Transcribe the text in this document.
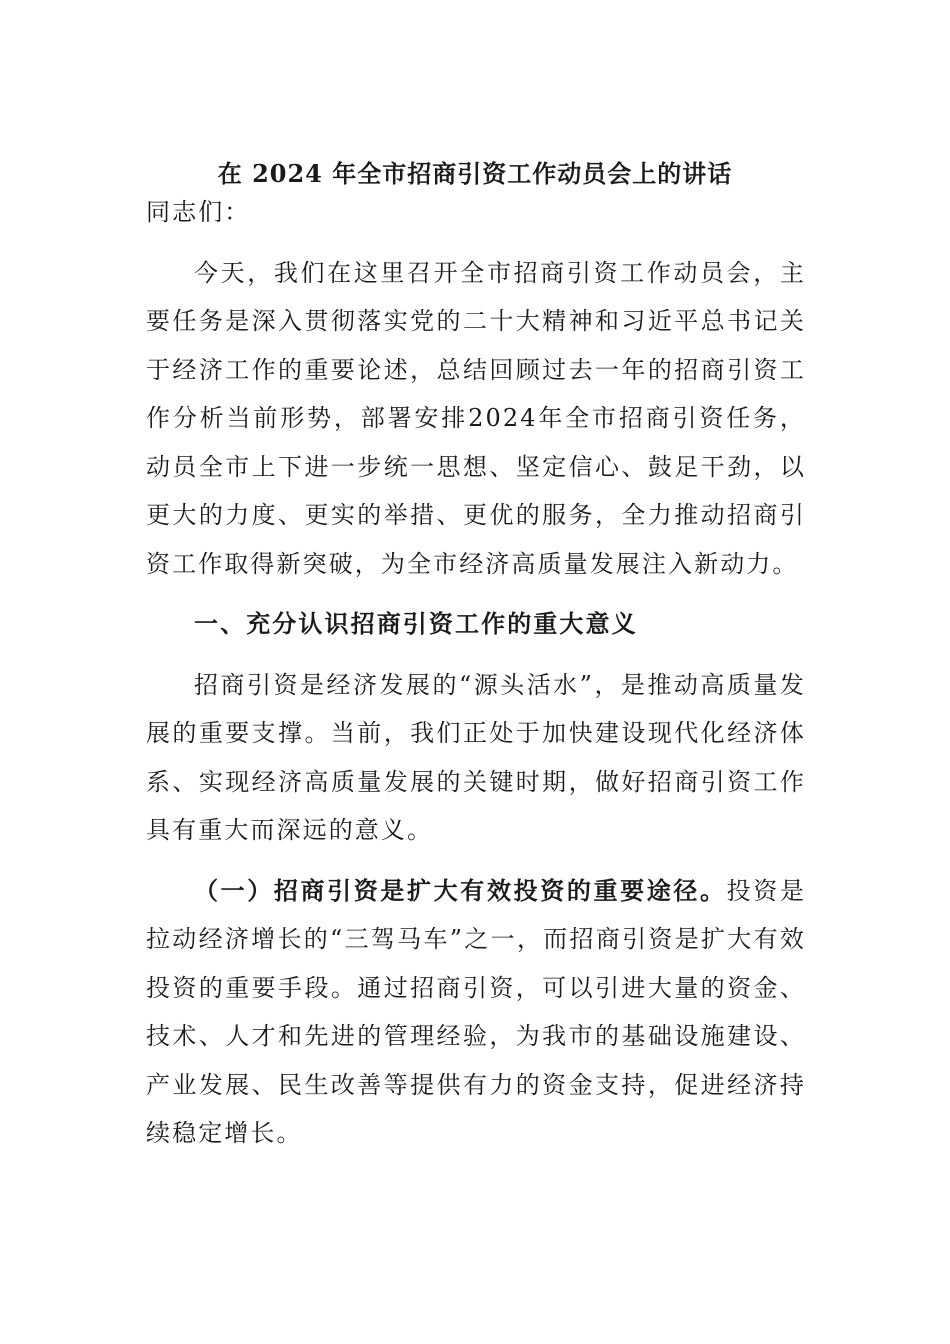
在 2024 年全市招商引资工作动员会上的讲话

同志们：

今天，我们在这里召开全市招商引资工作动员会，主要任务是深入贯彻落实党的二十大精神和习近平总书记关于经济工作的重要论述，总结回顾过去一年的招商引资工作分析当前形势，部署安排2024年全市招商引资任务，动员全市上下进一步统一思想、坚定信心、鼓足干劲，以更大的力度、更实的举措、更优的服务，全力推动招商引资工作取得新突破，为全市经济高质量发展注入新动力。

一、充分认识招商引资工作的重大意义

招商引资是经济发展的“源头活水”，是推动高质量发展的重要支撑。当前，我们正处于加快建设现代化经济体系、实现经济高质量发展的关键时期，做好招商引资工作具有重大而深远的意义。

（一）招商引资是扩大有效投资的重要途径。投资是拉动经济增长的“三驾马车”之一，而招商引资是扩大有效投资的重要手段。通过招商引资，可以引进大量的资金、技术、人才和先进的管理经验，为我市的基础设施建设、产业发展、民生改善等提供有力的资金支持，促进经济持续稳定增长。
